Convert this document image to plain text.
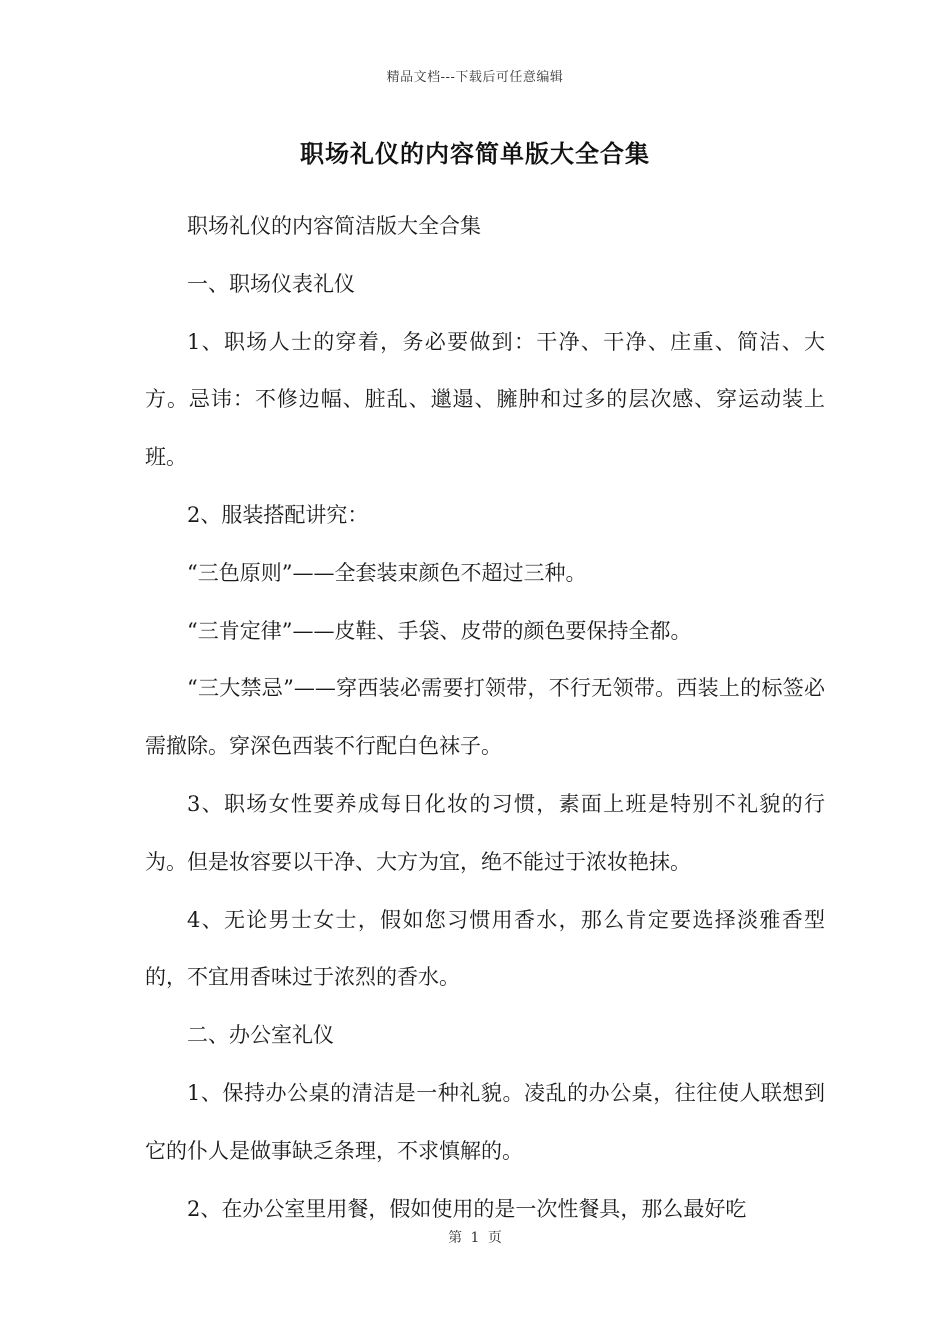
精品文档---下载后可任意编辑
职场礼仪的内容简单版大全合集

职场礼仪的内容简洁版大全合集

一、职场仪表礼仪

1、职场人士的穿着，务必要做到：干净、干净、庄重、简洁、大方。忌讳：不修边幅、脏乱、邋遢、臃肿和过多的层次感、穿运动装上班。

2、服装搭配讲究：

“三色原则”——全套装束颜色不超过三种。

“三肯定律”——皮鞋、手袋、皮带的颜色要保持全都。

“三大禁忌”——穿西装必需要打领带，不行无领带。西装上的标签必需撤除。穿深色西装不行配白色袜子。

3、职场女性要养成每日化妆的习惯，素面上班是特别不礼貌的行为。但是妆容要以干净、大方为宜，绝不能过于浓妆艳抹。

4、无论男士女士，假如您习惯用香水，那么肯定要选择淡雅香型的，不宜用香味过于浓烈的香水。

二、办公室礼仪

1、保持办公桌的清洁是一种礼貌。凌乱的办公桌，往往使人联想到它的仆人是做事缺乏条理，不求慎解的。

2、在办公室里用餐，假如使用的是一次性餐具，那么最好吃

第 1 页
